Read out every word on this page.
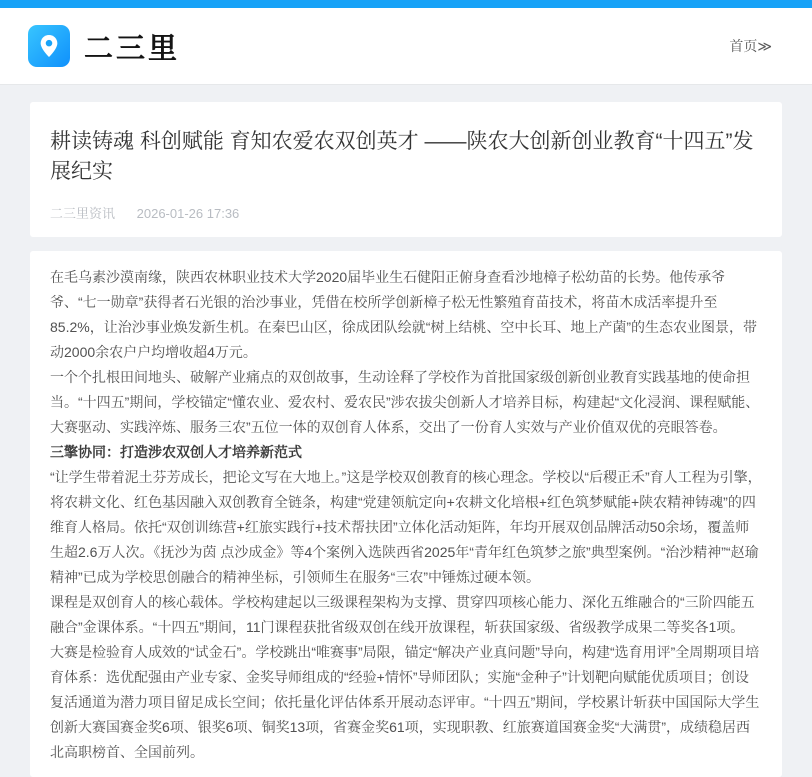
二三里	首页≫
耕读铸魂 科创赋能 育知农爱农双创英才 ——陕农大创新创业教育“十四五”发展纪实
二三里资讯 2026-01-26 17:36

在毛乌素沙漠南缘，陕西农林职业技术大学2020届毕业生石健阳正俯身查看沙地樟子松幼苗的长势。他传承爷爷、“七一勋章”获得者石光银的治沙事业，凭借在校所学创新樟子松无性繁殖育苗技术，将苗木成活率提升至85.2%，让治沙事业焕发新生机。在秦巴山区，徐成团队绘就“树上结桃、空中长耳、地上产菌”的生态农业图景，带动2000余农户户均增收超4万元。

一个个扎根田间地头、破解产业痛点的双创故事，生动诠释了学校作为首批国家级创新创业教育实践基地的使命担当。“十四五”期间，学校锚定“懂农业、爱农村、爱农民”涉农拔尖创新人才培养目标，构建起“文化浸润、课程赋能、大赛驱动、实践淬炼、服务三农”五位一体的双创育人体系，交出了一份育人实效与产业价值双优的亮眼答卷。

三擎协同：打造涉农双创人才培养新范式

“让学生带着泥土芬芳成长，把论文写在大地上。”这是学校双创教育的核心理念。学校以“后稷正禾”育人工程为引擎，将农耕文化、红色基因融入双创教育全链条，构建“党建领航定向+农耕文化培根+红色筑梦赋能+陕农精神铸魂”的四维育人格局。依托“双创训练营+红旅实践行+技术帮扶团”立体化活动矩阵，年均开展双创品牌活动50余场，覆盖师生超2.6万人次。《抚沙为茵 点沙成金》等4个案例入选陕西省2025年“青年红色筑梦之旅”典型案例。“治沙精神”“赵瑜精神”已成为学校思创融合的精神坐标，引领师生在服务“三农”中锤炼过硬本领。

课程是双创育人的核心载体。学校构建起以三级课程架构为支撑、贯穿四项核心能力、深化五维融合的“三阶四能五融合”金课体系。“十四五”期间，11门课程获批省级双创在线开放课程，斩获国家级、省级教学成果二等奖各1项。

大赛是检验育人成效的“试金石”。学校跳出“唯赛事”局限，锚定“解决产业真问题”导向，构建“选育用评”全周期项目培育体系：选优配强由产业专家、金奖导师组成的“经验+情怀”导师团队；实施“金种子”计划靶向赋能优质项目；创设复活通道为潜力项目留足成长空间；依托量化评估体系开展动态评审。“十四五”期间，学校累计斩获中国国际大学生创新大赛国赛金奖6项、银奖6项、铜奖13项，省赛金奖61项，实现职教、红旅赛道国赛金奖“大满贯”，成绩稳居西北高职榜首、全国前列。
